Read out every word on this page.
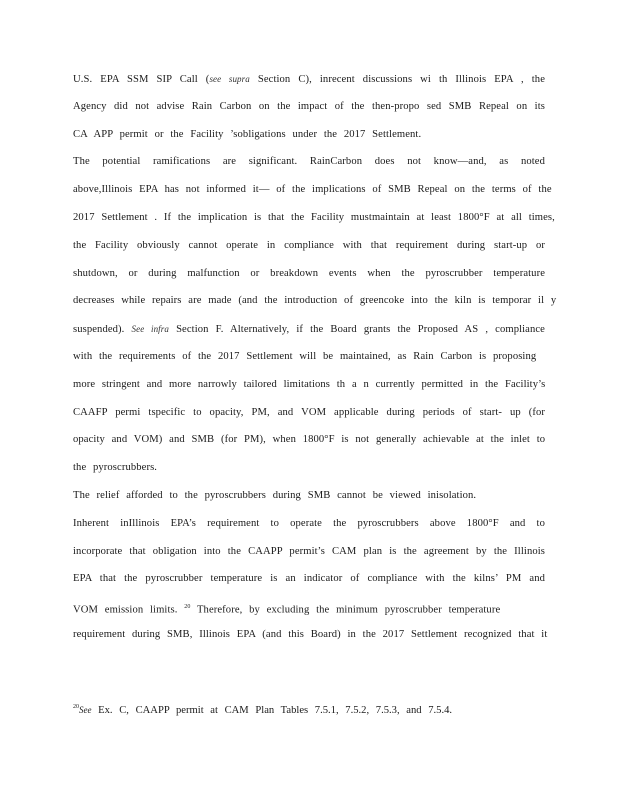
U.S. EPA SSM SIP Call (see supra Section C), inrecent discussions wi th Illinois EPA , the
Agency did not advise Rain Carbon on the impact of the then-propo sed SMB Repeal on its
CA APP permit or the Facility ’sobligations under the 2017 Settlement.
The potential ramifications are significant. RainCarbon does not know—and, as noted
above,Illinois EPA has not informed it— of the implications of SMB Repeal on the terms of the
2017 Settlement . If the implication is that the Facility mustmaintain at least 1800°F at all times,
the Facility obviously cannot operate in compliance with that requirement during start-up or
shutdown, or during malfunction or breakdown events when the pyroscrubber temperature
decreases while repairs are made (and the introduction of greencoke into the kiln is temporar il y
suspended). See infra Section F. Alternatively, if the Board grants the Proposed AS , compliance
with the requirements of the 2017 Settlement will be maintained, as Rain Carbon is proposing
more stringent and more narrowly tailored limitations th a n currently permitted in the Facility’s
CAAFP permi tspecific to opacity, PM, and VOM applicable during periods of start- up (for
opacity and VOM) and SMB (for PM), when 1800°F is not generally achievable at the inlet to
the pyroscrubbers.
The relief afforded to the pyroscrubbers during SMB cannot be viewed inisolation.
Inherent inIllinois EPA’s requirement to operate the pyroscrubbers above 1800°F and to
incorporate that obligation into the CAAPP permit’s CAM plan is the agreement by the Illinois
EPA that the pyroscrubber temperature is an indicator of compliance with the kilns’ PM and
VOM emission limits. $^{20}$ Therefore, by excluding the minimum pyroscrubber temperature
requirement during SMB, Illinois EPA (and this Board) in the 2017 Settlement recognized that it
$^{20}$See Ex. C, CAAPP permit at CAM Plan Tables 7.5.1, 7.5.2, 7.5.3, and 7.5.4.
